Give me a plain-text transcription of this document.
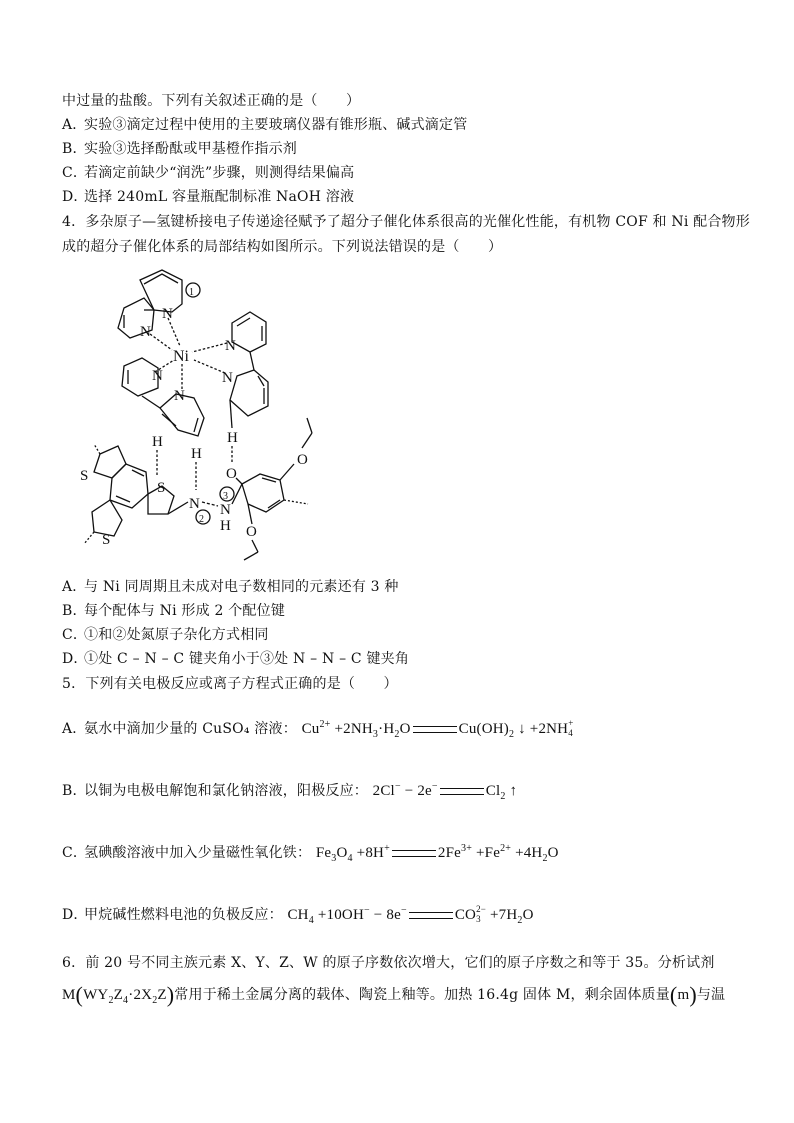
中过量的盐酸。下列有关叙述正确的是（　　）
A．实验③滴定过程中使用的主要玻璃仪器有锥形瓶、碱式滴定管
B．实验③选择酚酞或甲基橙作指示剂
C．若滴定前缺少“润洗”步骤，则测得结果偏高
D．选择 240mL 容量瓶配制标准 NaOH 溶液
4．多杂原子—氢键桥接电子传递途径赋予了超分子催化体系很高的光催化性能，有机物 COF 和 Ni 配合物形
成的超分子催化体系的局部结构如图所示。下列说法错误的是（　　）
N
N
1
Ni
N
N
H
O
N
N
H
H
S
S
S
N
2
N
H
3
O
O
A．与 Ni 同周期且未成对电子数相同的元素还有 3 种
B．每个配体与 Ni 形成 2 个配位键
C．①和②处氮原子杂化方式相同
D．①处 C – N – C 键夹角小于③处 N – N – C 键夹角
5．下列有关电极反应或离子方程式正确的是（　　）
A．氨水中滴加少量的 CuSO₄ 溶液： $Cu^{2+} +2NH_3\cdot H_2O$	$Cu(OH)_2$ ↓ +2NH +
4
B．以铜为电极电解饱和氯化钠溶液，阳极反应： 2Cl− − 2e−	$Cl_2$ ↑
C．氢碘酸溶液中加入少量磁性氧化铁： $Fe_3O_4 +8H^+$	$2Fe^{3+} +Fe^{2+} +4H_2O$
D．甲烷碱性燃料电池的负极反应： $CH_4 +10OH^- - 8e^-$	CO 2−
$3 +7H_2O$
6．前 20 号不同主族元素 X、Y、Z、W 的原子序数依次增大，它们的原子序数之和等于 35。分析试剂
$M(WY_2Z_4\cdot 2X_2Z)$常用于稀土金属分离的载体、陶瓷上釉等。加热 16.4g 固体 M，剩余固体质量(m)与温
